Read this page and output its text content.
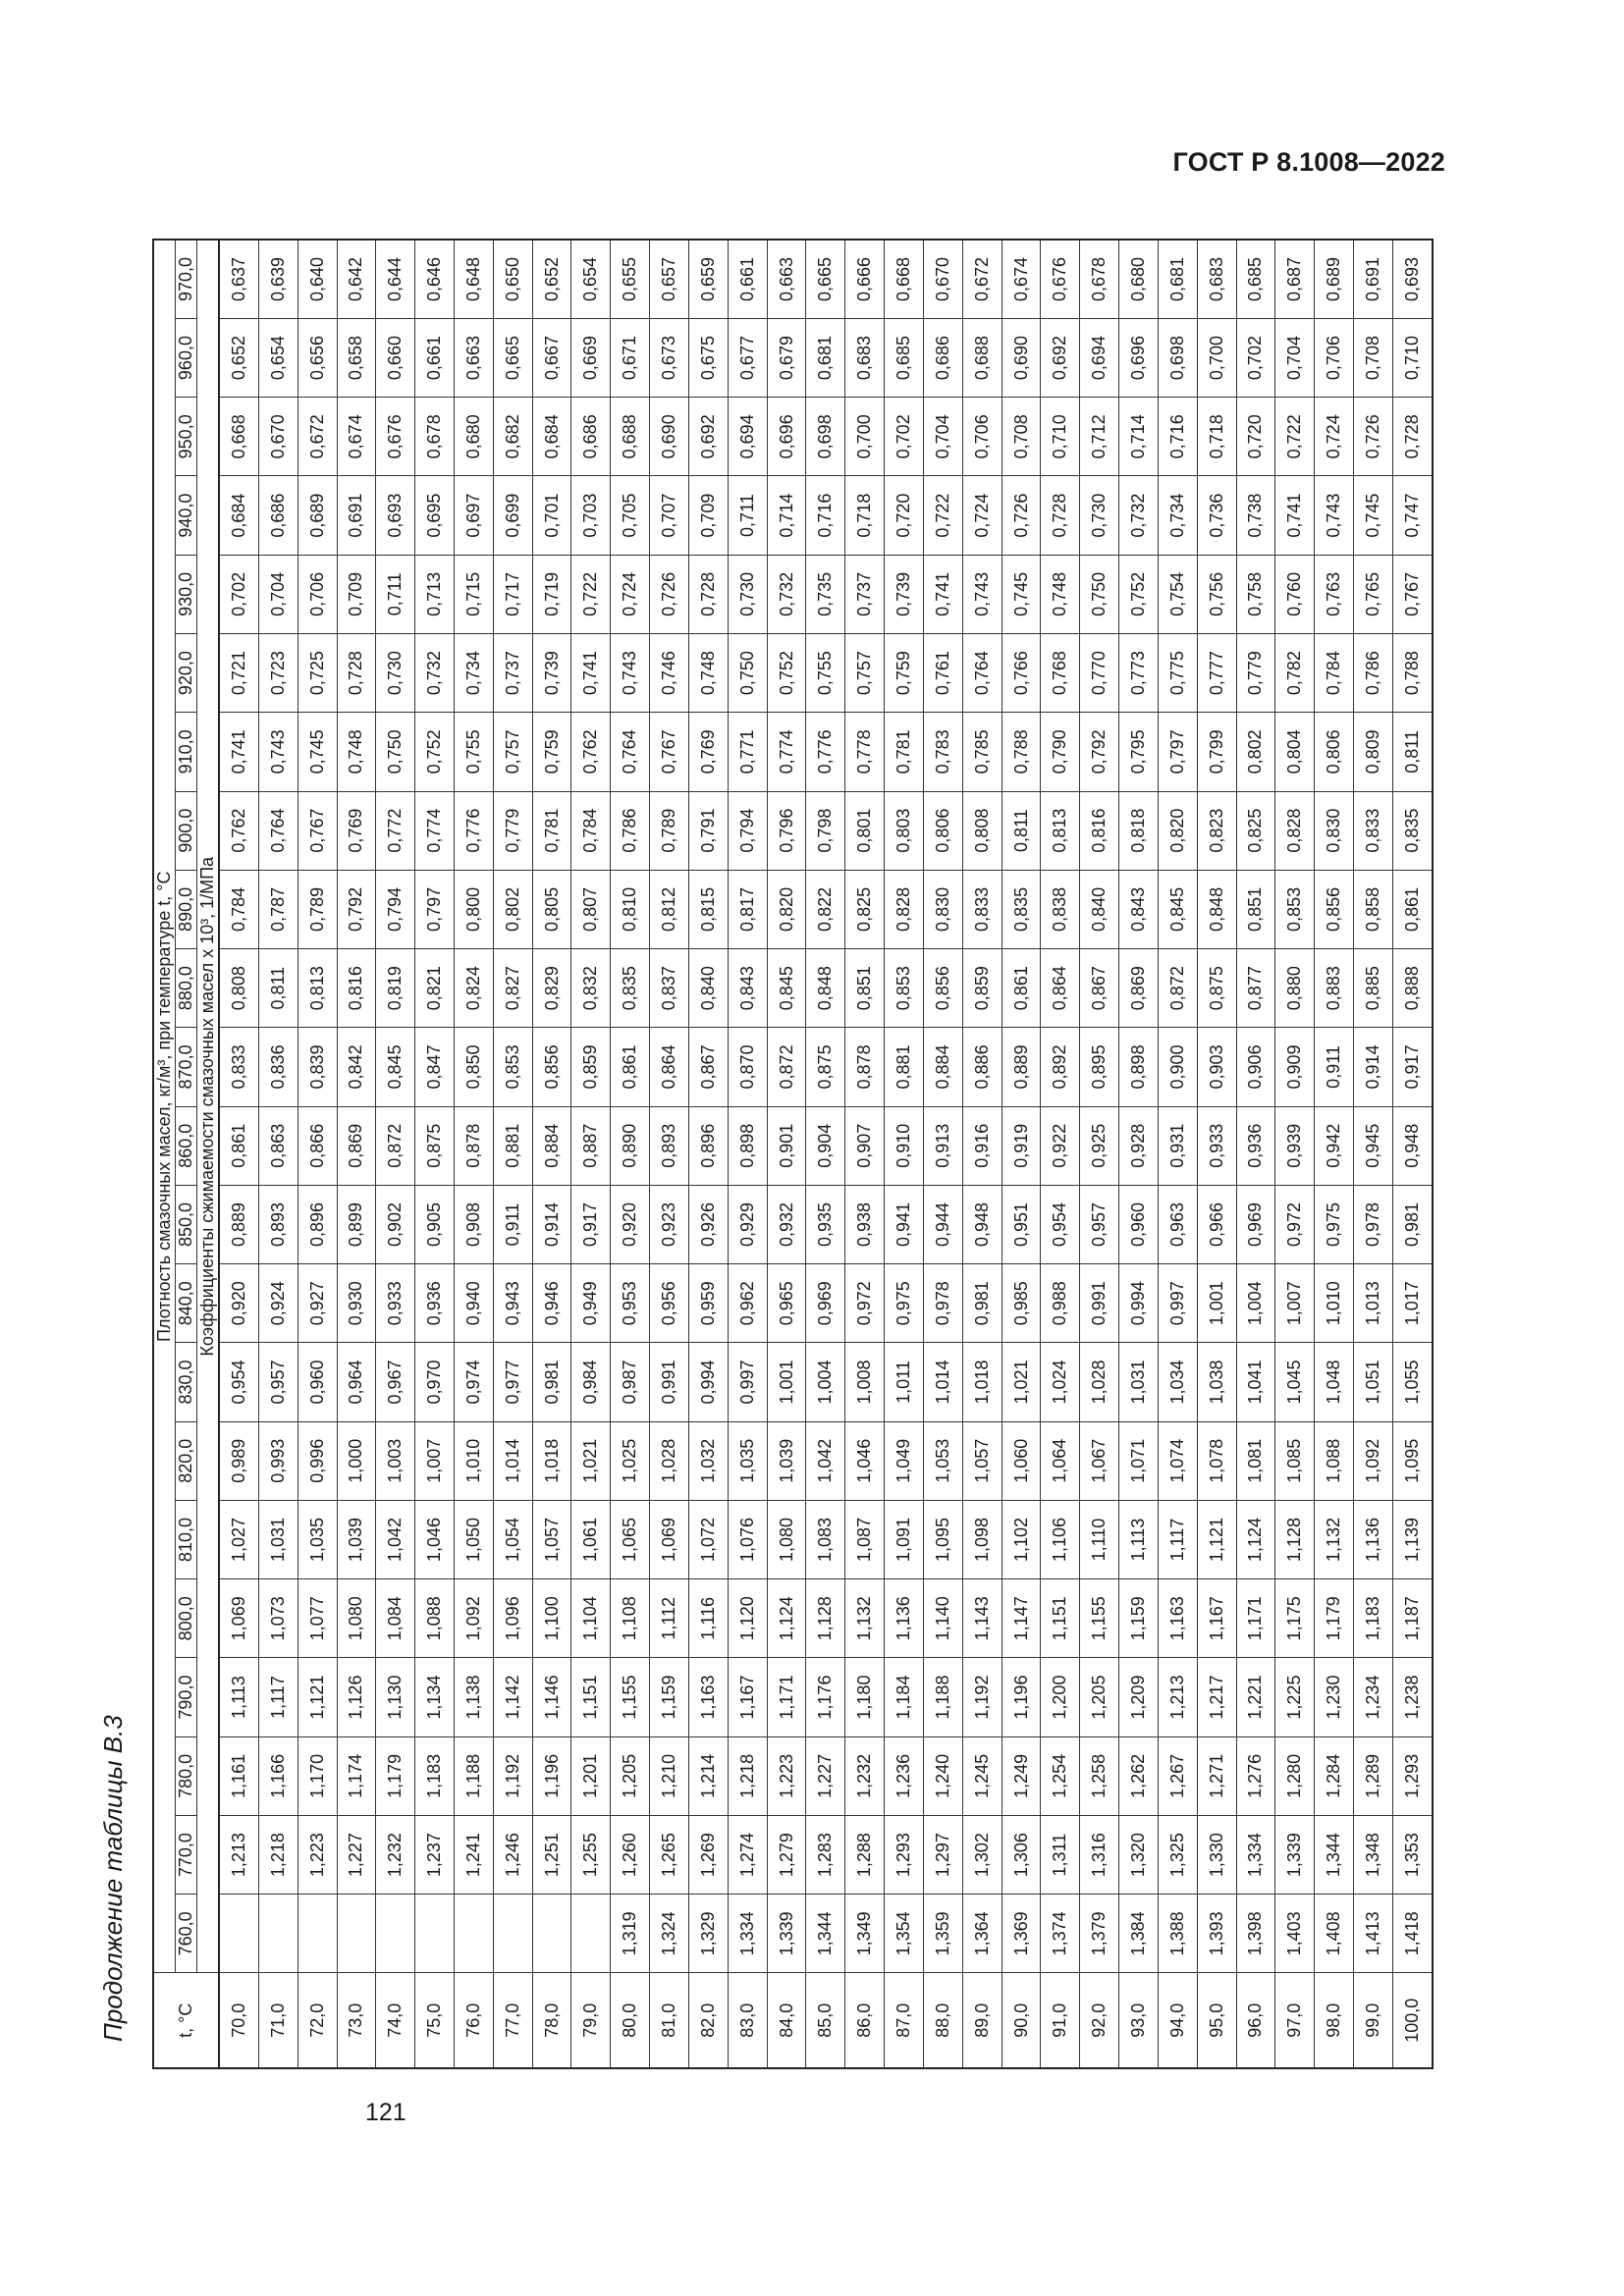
ГОСТ Р 8.1008—2022
Продолжение таблицы В.3	t, °C	Плотность смазочных масел, кг/м³, при температуре t, °C																					
	760,0	770,0	780,0	790,0	800,0	810,0	820,0	830,0	840,0	850,0	860,0	870,0	880,0	890,0	900,0	910,0	920,0	930,0	940,0	950,0	960,0	970,0
	Коэффициенты сжимаемости смазочных масел x 10³, 1/МПа																					
70,0		1,213	1,161	1,113	1,069	1,027	0,989	0,954	0,920	0,889	0,861	0,833	0,808	0,784	0,762	0,741	0,721	0,702	0,684	0,668	0,652	0,637
71,0		1,218	1,166	1,117	1,073	1,031	0,993	0,957	0,924	0,893	0,863	0,836	0,811	0,787	0,764	0,743	0,723	0,704	0,686	0,670	0,654	0,639
72,0		1,223	1,170	1,121	1,077	1,035	0,996	0,960	0,927	0,896	0,866	0,839	0,813	0,789	0,767	0,745	0,725	0,706	0,689	0,672	0,656	0,640
73,0		1,227	1,174	1,126	1,080	1,039	1,000	0,964	0,930	0,899	0,869	0,842	0,816	0,792	0,769	0,748	0,728	0,709	0,691	0,674	0,658	0,642
74,0		1,232	1,179	1,130	1,084	1,042	1,003	0,967	0,933	0,902	0,872	0,845	0,819	0,794	0,772	0,750	0,730	0,711	0,693	0,676	0,660	0,644
75,0		1,237	1,183	1,134	1,088	1,046	1,007	0,970	0,936	0,905	0,875	0,847	0,821	0,797	0,774	0,752	0,732	0,713	0,695	0,678	0,661	0,646
76,0		1,241	1,188	1,138	1,092	1,050	1,010	0,974	0,940	0,908	0,878	0,850	0,824	0,800	0,776	0,755	0,734	0,715	0,697	0,680	0,663	0,648
77,0		1,246	1,192	1,142	1,096	1,054	1,014	0,977	0,943	0,911	0,881	0,853	0,827	0,802	0,779	0,757	0,737	0,717	0,699	0,682	0,665	0,650
78,0		1,251	1,196	1,146	1,100	1,057	1,018	0,981	0,946	0,914	0,884	0,856	0,829	0,805	0,781	0,759	0,739	0,719	0,701	0,684	0,667	0,652
79,0		1,255	1,201	1,151	1,104	1,061	1,021	0,984	0,949	0,917	0,887	0,859	0,832	0,807	0,784	0,762	0,741	0,722	0,703	0,686	0,669	0,654
80,0	1,319	1,260	1,205	1,155	1,108	1,065	1,025	0,987	0,953	0,920	0,890	0,861	0,835	0,810	0,786	0,764	0,743	0,724	0,705	0,688	0,671	0,655
81,0	1,324	1,265	1,210	1,159	1,112	1,069	1,028	0,991	0,956	0,923	0,893	0,864	0,837	0,812	0,789	0,767	0,746	0,726	0,707	0,690	0,673	0,657
82,0	1,329	1,269	1,214	1,163	1,116	1,072	1,032	0,994	0,959	0,926	0,896	0,867	0,840	0,815	0,791	0,769	0,748	0,728	0,709	0,692	0,675	0,659
83,0	1,334	1,274	1,218	1,167	1,120	1,076	1,035	0,997	0,962	0,929	0,898	0,870	0,843	0,817	0,794	0,771	0,750	0,730	0,711	0,694	0,677	0,661
84,0	1,339	1,279	1,223	1,171	1,124	1,080	1,039	1,001	0,965	0,932	0,901	0,872	0,845	0,820	0,796	0,774	0,752	0,732	0,714	0,696	0,679	0,663
85,0	1,344	1,283	1,227	1,176	1,128	1,083	1,042	1,004	0,969	0,935	0,904	0,875	0,848	0,822	0,798	0,776	0,755	0,735	0,716	0,698	0,681	0,665
86,0	1,349	1,288	1,232	1,180	1,132	1,087	1,046	1,008	0,972	0,938	0,907	0,878	0,851	0,825	0,801	0,778	0,757	0,737	0,718	0,700	0,683	0,666
87,0	1,354	1,293	1,236	1,184	1,136	1,091	1,049	1,011	0,975	0,941	0,910	0,881	0,853	0,828	0,803	0,781	0,759	0,739	0,720	0,702	0,685	0,668
88,0	1,359	1,297	1,240	1,188	1,140	1,095	1,053	1,014	0,978	0,944	0,913	0,884	0,856	0,830	0,806	0,783	0,761	0,741	0,722	0,704	0,686	0,670
89,0	1,364	1,302	1,245	1,192	1,143	1,098	1,057	1,018	0,981	0,948	0,916	0,886	0,859	0,833	0,808	0,785	0,764	0,743	0,724	0,706	0,688	0,672
90,0	1,369	1,306	1,249	1,196	1,147	1,102	1,060	1,021	0,985	0,951	0,919	0,889	0,861	0,835	0,811	0,788	0,766	0,745	0,726	0,708	0,690	0,674
91,0	1,374	1,311	1,254	1,200	1,151	1,106	1,064	1,024	0,988	0,954	0,922	0,892	0,864	0,838	0,813	0,790	0,768	0,748	0,728	0,710	0,692	0,676
92,0	1,379	1,316	1,258	1,205	1,155	1,110	1,067	1,028	0,991	0,957	0,925	0,895	0,867	0,840	0,816	0,792	0,770	0,750	0,730	0,712	0,694	0,678
93,0	1,384	1,320	1,262	1,209	1,159	1,113	1,071	1,031	0,994	0,960	0,928	0,898	0,869	0,843	0,818	0,795	0,773	0,752	0,732	0,714	0,696	0,680
94,0	1,388	1,325	1,267	1,213	1,163	1,117	1,074	1,034	0,997	0,963	0,931	0,900	0,872	0,845	0,820	0,797	0,775	0,754	0,734	0,716	0,698	0,681
95,0	1,393	1,330	1,271	1,217	1,167	1,121	1,078	1,038	1,001	0,966	0,933	0,903	0,875	0,848	0,823	0,799	0,777	0,756	0,736	0,718	0,700	0,683
96,0	1,398	1,334	1,276	1,221	1,171	1,124	1,081	1,041	1,004	0,969	0,936	0,906	0,877	0,851	0,825	0,802	0,779	0,758	0,738	0,720	0,702	0,685
97,0	1,403	1,339	1,280	1,225	1,175	1,128	1,085	1,045	1,007	0,972	0,939	0,909	0,880	0,853	0,828	0,804	0,782	0,760	0,741	0,722	0,704	0,687
98,0	1,408	1,344	1,284	1,230	1,179	1,132	1,088	1,048	1,010	0,975	0,942	0,911	0,883	0,856	0,830	0,806	0,784	0,763	0,743	0,724	0,706	0,689
99,0	1,413	1,348	1,289	1,234	1,183	1,136	1,092	1,051	1,013	0,978	0,945	0,914	0,885	0,858	0,833	0,809	0,786	0,765	0,745	0,726	0,708	0,691
100,0	1,418	1,353	1,293	1,238	1,187	1,139	1,095	1,055	1,017	0,981	0,948	0,917	0,888	0,861	0,835	0,811	0,788	0,767	0,747	0,728	0,710	0,693
121
